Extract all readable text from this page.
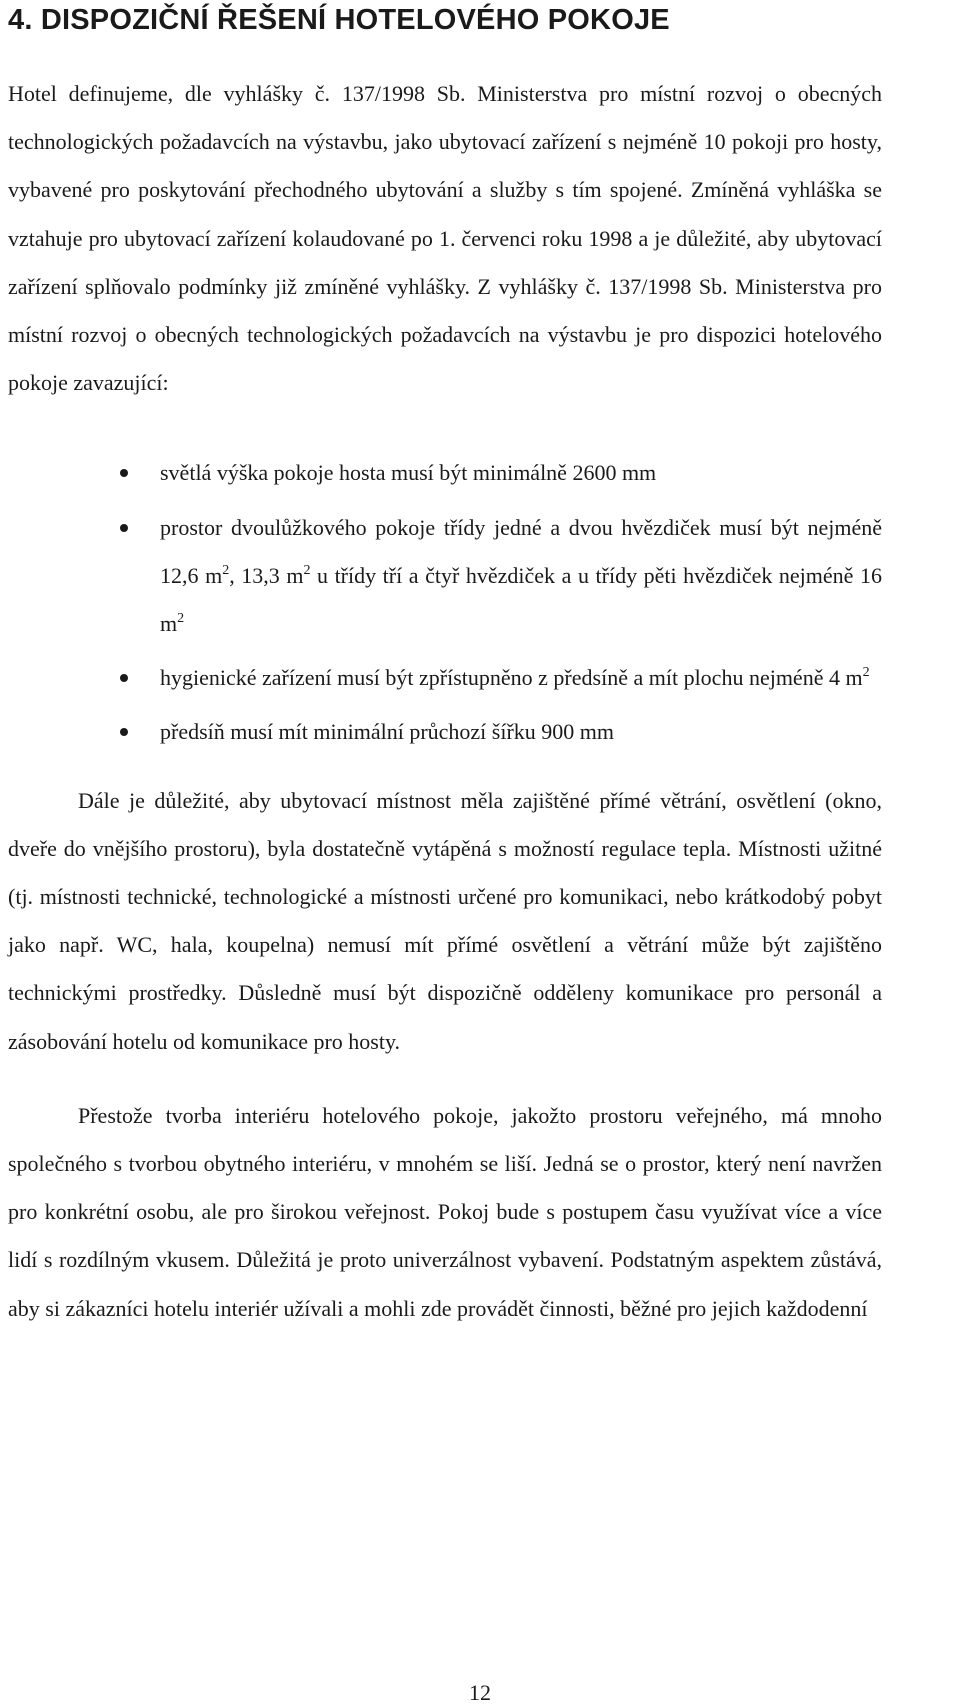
4. DISPOZIČNÍ ŘEŠENÍ HOTELOVÉHO POKOJE

Hotel definujeme, dle vyhlášky č. 137/1998 Sb. Ministerstva pro místní rozvoj o obecných technologických požadavcích na výstavbu, jako ubytovací zařízení s nejméně 10 pokoji pro hosty, vybavené pro poskytování přechodného ubytování a služby s tím spojené. Zmíněná vyhláška se vztahuje pro ubytovací zařízení kolaudované po 1. červenci roku 1998 a je důležité, aby ubytovací zařízení splňovalo podmínky již zmíněné vyhlášky. Z vyhlášky č. 137/1998 Sb. Ministerstva pro místní rozvoj o obecných technologických požadavcích na výstavbu je pro dispozici hotelového pokoje zavazující:

světlá výška pokoje hosta musí být minimálně 2600 mm
prostor dvoulůžkového pokoje třídy jedné a dvou hvězdiček musí být nejméně 12,6 $m^2$, 13,3 $m^2$ u třídy tří a čtyř hvězdiček a u třídy pěti hvězdiček nejméně 16 $m^2$
hygienické zařízení musí být zpřístupněno z předsíně a mít plochu nejméně 4 $m^2$
předsíň musí mít minimální průchozí šířku 900 mm

Dále je důležité, aby ubytovací místnost měla zajištěné přímé větrání, osvětlení (okno, dveře do vnějšího prostoru), byla dostatečně vytápěná s možností regulace tepla. Místnosti užitné (tj. místnosti technické, technologické a místnosti určené pro komunikaci, nebo krátkodobý pobyt jako např. WC, hala, koupelna) nemusí mít přímé osvětlení a větrání může být zajištěno technickými prostředky. Důsledně musí být dispozičně odděleny komunikace pro personál a zásobování hotelu od komunikace pro hosty.

Přestože tvorba interiéru hotelového pokoje, jakožto prostoru veřejného, má mnoho společného s tvorbou obytného interiéru, v mnohém se liší. Jedná se o prostor, který není navržen pro konkrétní osobu, ale pro širokou veřejnost. Pokoj bude s postupem času využívat více a více lidí s rozdílným vkusem. Důležitá je proto univerzálnost vybavení. Podstatným aspektem zůstává, aby si zákazníci hotelu interiér užívali a mohli zde provádět činnosti, běžné pro jejich každodenní

12
